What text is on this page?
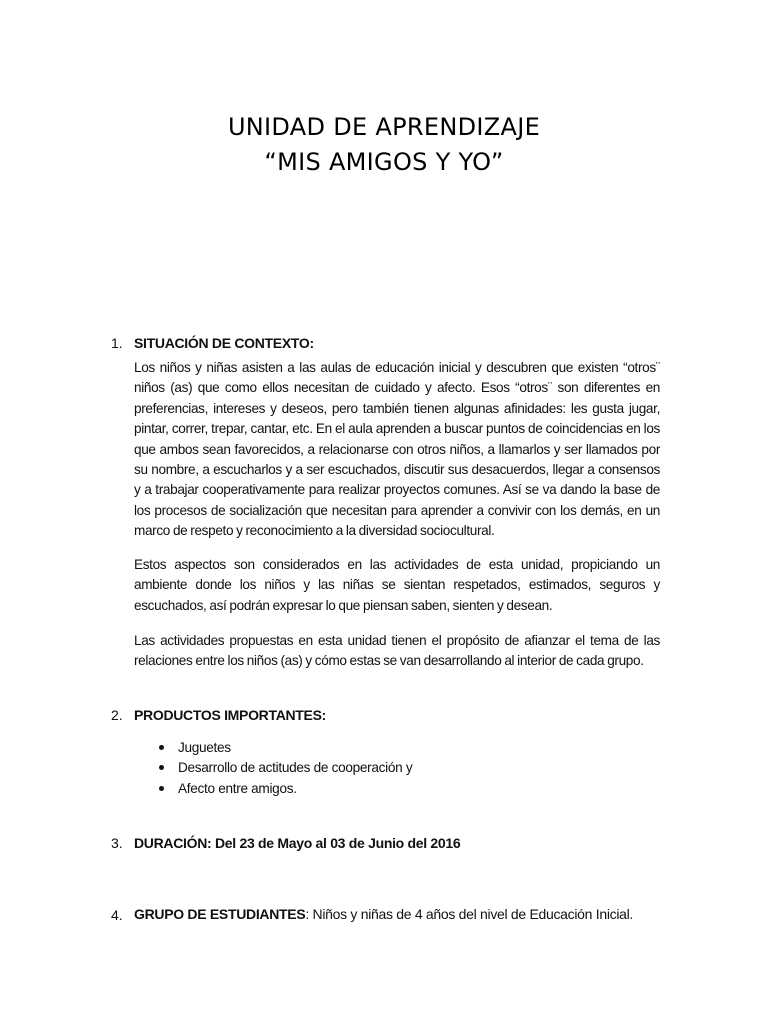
UNIDAD DE APRENDIZAJE
“MIS AMIGOS Y YO”
1. SITUACIÓN DE CONTEXTO:
Los niños y niñas asisten a las aulas de educación inicial y descubren que existen “otros¨ niños (as) que como ellos necesitan de cuidado y afecto. Esos “otros¨ son diferentes en preferencias, intereses y deseos, pero también tienen algunas afinidades: les gusta jugar, pintar, correr, trepar, cantar, etc. En el aula aprenden a buscar puntos de coincidencias en los que ambos sean favorecidos, a relacionarse con otros niños, a llamarlos y ser llamados por su nombre, a escucharlos y a ser escuchados, discutir sus desacuerdos, llegar a consensos y a trabajar cooperativamente para realizar proyectos comunes. Así se va dando la base de los procesos de socialización que necesitan para aprender a convivir con los demás, en un marco de respeto y reconocimiento a la diversidad sociocultural.
Estos aspectos son considerados en las actividades de esta unidad, propiciando un ambiente donde los niños y las niñas se sientan respetados, estimados, seguros y escuchados, así podrán expresar lo que piensan saben, sienten y desean.
Las actividades propuestas en esta unidad tienen el propósito de afianzar el tema de las relaciones entre los niños (as) y cómo estas se van desarrollando al interior de cada grupo.
2. PRODUCTOS IMPORTANTES:
Juguetes
Desarrollo de actitudes de cooperación y
Afecto entre amigos.
3. DURACIÓN: Del 23 de Mayo al 03 de Junio del 2016
4. GRUPO DE ESTUDIANTES: Niños y niñas de 4 años del nivel de Educación Inicial.
